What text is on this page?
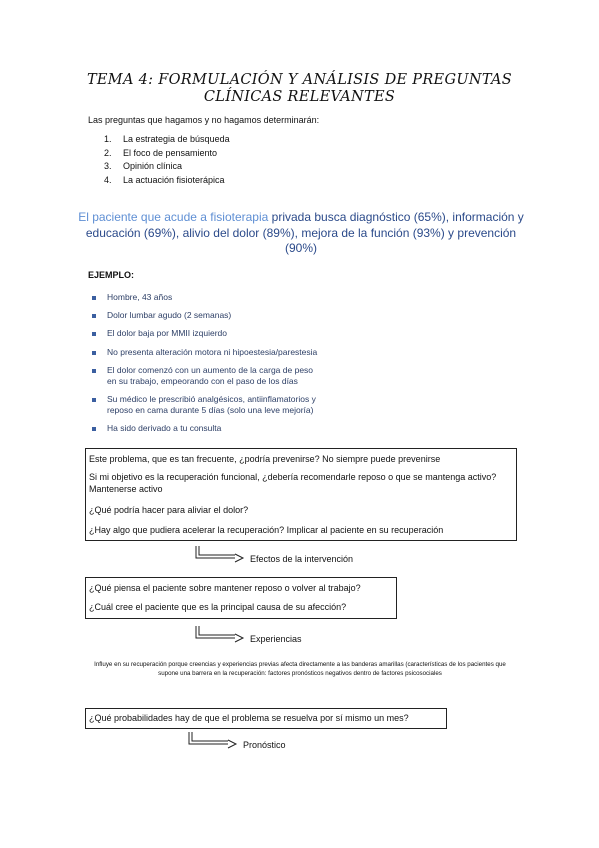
TEMA 4: FORMULACIÓN Y ANÁLISIS DE PREGUNTAS
CLÍNICAS RELEVANTES
Las preguntas que hagamos y no hagamos determinarán:
1.	La estrategia de búsqueda
2.	El foco de pensamiento
3.	Opinión clínica
4.	La actuación fisioterápica
El paciente que acude a fisioterapia privada busca diagnóstico (65%), información y educación (69%), alivio del dolor (89%), mejora de la función (93%) y prevención (90%)
EJEMPLO:
Hombre, 43 años
Dolor lumbar agudo (2 semanas)
El dolor baja por MMII izquierdo
No presenta alteración motora ni hipoestesia/parestesia
El dolor comenzó con un aumento de la carga de peso
en su trabajo, empeorando con el paso de los días
Su médico le prescribió analgésicos, antiinflamatorios y
reposo en cama durante 5 días (solo una leve mejoría)
Ha sido derivado a tu consulta

Este problema, que es tan frecuente, ¿podría prevenirse? No siempre puede prevenirse

Si mi objetivo es la recuperación funcional, ¿debería recomendarle reposo o que se mantenga activo? Mantenerse activo

¿Qué podría hacer para aliviar el dolor?

¿Hay algo que pudiera acelerar la recuperación? Implicar al paciente en su recuperación

Efectos de la intervención

¿Qué piensa el paciente sobre mantener reposo o volver al trabajo?

¿Cuál cree el paciente que es la principal causa de su afección?

Experiencias
Influye en su recuperación porque creencias y experiencias previas afecta directamente a las banderas amarillas (características de los pacientes que supone una barrera en la recuperación: factores pronósticos negativos dentro de factores psicosociales

¿Qué probabilidades hay de que el problema se resuelva por sí mismo un mes?

Pronóstico
